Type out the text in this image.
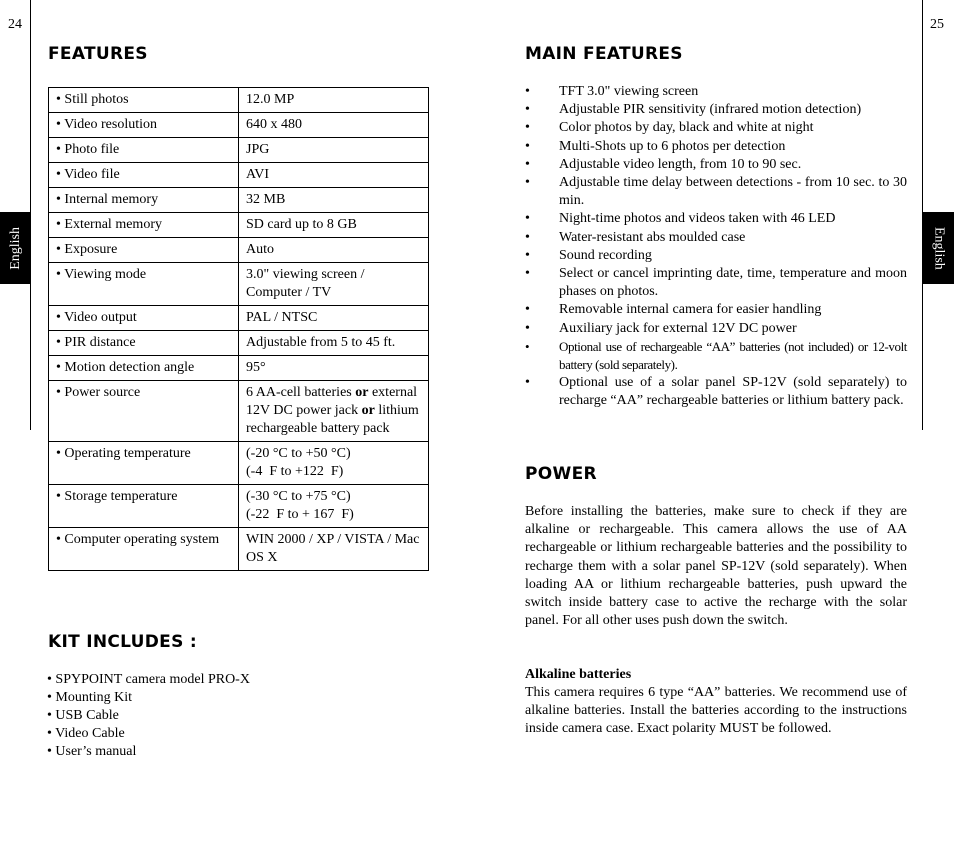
24	25
English	English
FEATURES
• Still photos	12.0 MP
• Video resolution	640 x 480
• Photo file	JPG
• Video file	AVI
• Internal memory	32 MB
• External memory	SD card up to 8 GB
• Exposure	Auto
• Viewing mode	3.0" viewing screen / Computer / TV
• Video output	PAL / NTSC
• PIR distance	Adjustable from 5 to 45 ft.
• Motion detection angle	95°
• Power source	6 AA-cell batteries or external 12V DC power jack or lithium rechargeable battery pack
• Operating temperature	(-20 °C to +50 °C)
(-4  F to +122  F)

• Storage temperature	(-30 °C to +75 °C)
(-22  F to + 167  F)

• Computer operating system	WIN 2000 / XP / VISTA / Mac OS X
KIT INCLUDES :
• SPYPOINT camera model PRO-X
• Mounting Kit
• USB Cable
• Video Cable
• User’s manual
MAIN FEATURES
• TFT 3.0" viewing screen
• Adjustable PIR sensitivity (infrared motion detection)
• Color photos by day, black and white at night
• Multi-Shots up to 6 photos per detection
• Adjustable video length, from 10 to 90 sec.
• Adjustable time delay between detections - from 10 sec. to 30 min.
• Night-time photos and videos taken with 46 LED
• Water-resistant abs moulded case
• Sound recording
• Select or cancel imprinting date, time, temperature and moon phases on photos.
• Removable internal camera for easier handling
• Auxiliary jack for external 12V DC power
• Optional use of rechargeable “AA” batteries (not included) or 12-volt battery (sold separately).
• Optional use of a solar panel SP-12V (sold separately) to recharge “AA” rechargeable batteries or lithium battery pack.
POWER

Before installing the batteries, make sure to check if they are alkaline or rechargeable. This camera allows the use of AA rechargeable or lithium rechargeable batteries and the possibility to recharge them with a solar panel SP-12V (sold separately). When loading AA or lithium rechargeable batteries, push upward the switch inside battery case to active the recharge with the solar panel. For all other uses push down the switch.

Alkaline batteries

This camera requires 6 type “AA” batteries. We recommend use of alkaline batteries. Install the batteries according to the instructions inside camera case. Exact polarity MUST be followed.
